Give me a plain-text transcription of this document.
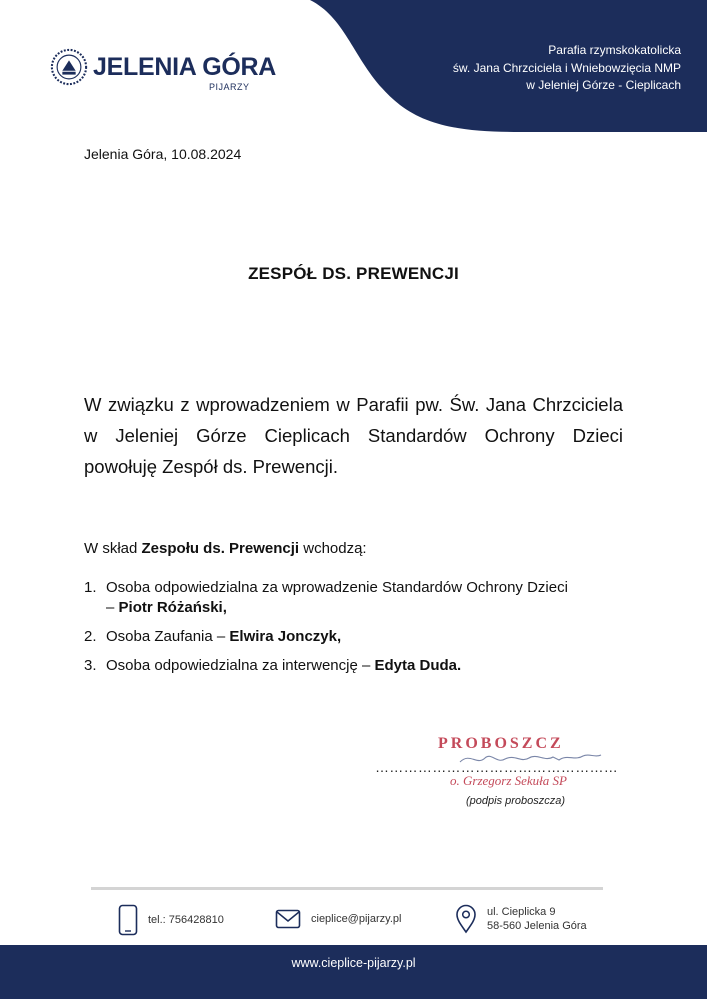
JELENIA GÓRA
PIJARZY
Parafia rzymskokatolicka
św. Jana Chrzciciela i Wniebowzięcia NMP
w Jeleniej Górze - Cieplicach
Jelenia Góra, 10.08.2024
ZESPÓŁ DS. PREWENCJI
W związku z wprowadzeniem w Parafii pw. Św. Jana Chrzciciela w Jeleniej Górze Cieplicach Standardów Ochrony Dzieci powołuję Zespół ds. Prewencji.
W skład Zespołu ds. Prewencji wchodzą:
1. Osoba odpowiedzialna za wprowadzenie Standardów Ochrony Dzieci
– Piotr Różański,
2. Osoba Zaufania – Elwira Jonczyk,
3. Osoba odpowiedzialna za interwencję – Edyta Duda.
PROBOSZCZ
……………………………………………
o. Grzegorz Sekuła SP
(podpis proboszcza)
tel.: 756428810	cieplice@pijarzy.pl
ul. Cieplicka 9
58-560 Jelenia Góra
www.cieplice-pijarzy.pl
